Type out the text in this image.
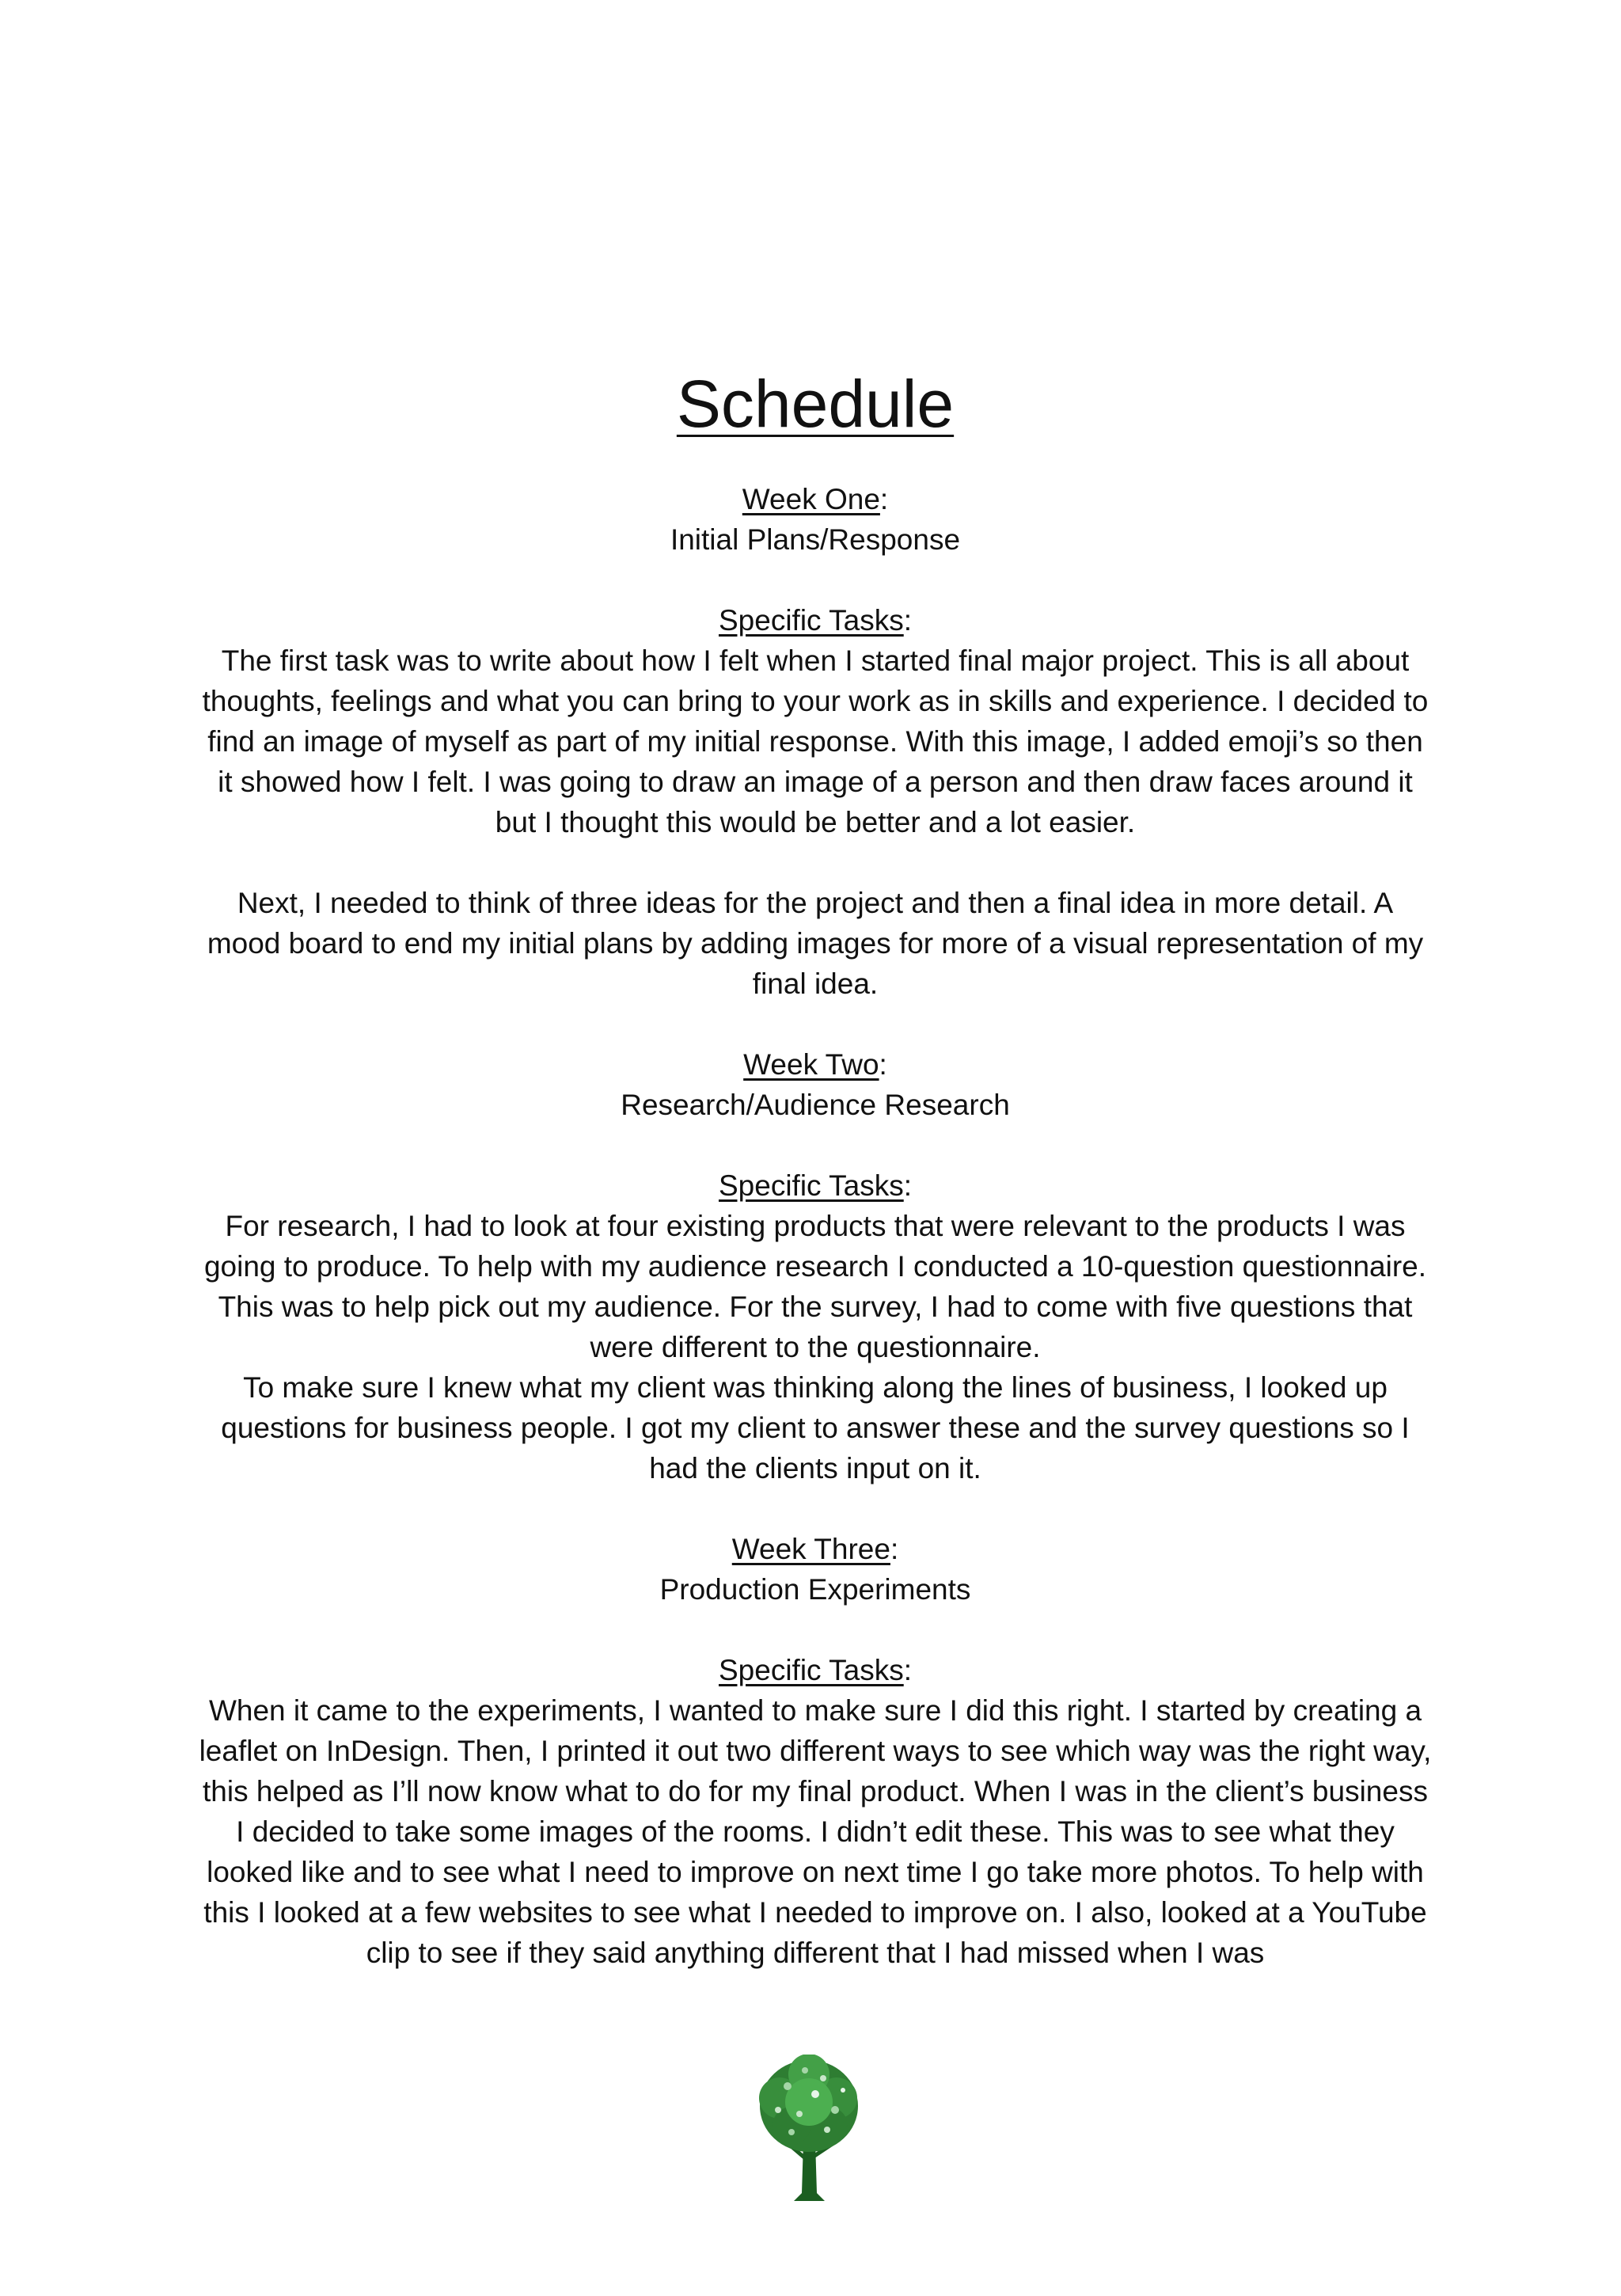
Schedule

Week One:

Initial Plans/Response

Specific Tasks:

The first task was to write about how I felt when I started final major project. This is all about thoughts, feelings and what you can bring to your work as in skills and experience. I decided to find an image of myself as part of my initial response. With this image, I added emoji’s so then it showed how I felt. I was going to draw an image of a person and then draw faces around it but I thought this would be better and a lot easier.

Next, I needed to think of three ideas for the project and then a final idea in more detail. A mood board to end my initial plans by adding images for more of a visual representation of my final idea.

Week Two:

Research/Audience Research

Specific Tasks:

For research, I had to look at four existing products that were relevant to the products I was going to produce. To help with my audience research I conducted a 10-question questionnaire. This was to help pick out my audience. For the survey, I had to come with five questions that were different to the questionnaire.

To make sure I knew what my client was thinking along the lines of business, I looked up questions for business people. I got my client to answer these and the survey questions so I had the clients input on it.

Week Three:

Production Experiments

Specific Tasks:

When it came to the experiments, I wanted to make sure I did this right. I started by creating a leaflet on InDesign. Then, I printed it out two different ways to see which way was the right way, this helped as I’ll now know what to do for my final product. When I was in the client’s business I decided to take some images of the rooms. I didn’t edit these. This was to see what they looked like and to see what I need to improve on next time I go take more photos. To help with this I looked at a few websites to see what I needed to improve on. I also, looked at a YouTube clip to see if they said anything different that I had missed when I was
